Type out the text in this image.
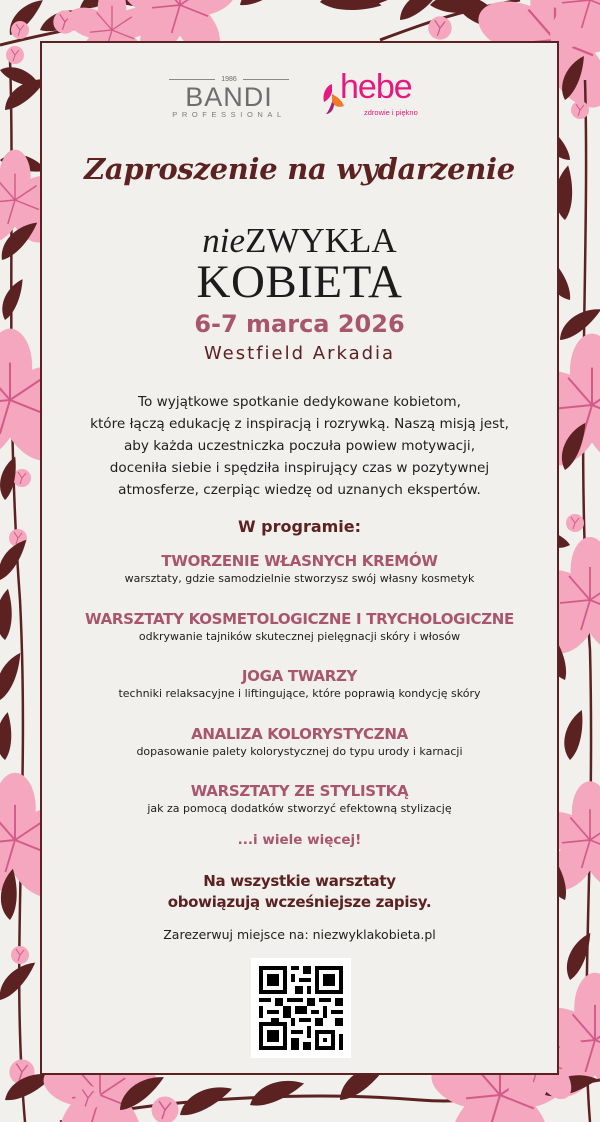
1986
BANDI
PROFESSIONAL
hebe
zdrowie i piękno
Zaproszenie na wydarzenie
nieZWYKŁA
KOBIETA
6-7 marca 2026
Westfield Arkadia
To wyjątkowe spotkanie dedykowane kobietom,
które łączą edukację z inspiracją i rozrywką. Naszą misją jest,
aby każda uczestniczka poczuła powiew motywacji,
doceniła siebie i spędziła inspirujący czas w pozytywnej
atmosferze, czerpiąc wiedzę od uznanych ekspertów.
W programie:
TWORZENIE WŁASNYCH KREMÓW
warsztaty, gdzie samodzielnie stworzysz swój własny kosmetyk
WARSZTATY KOSMETOLOGICZNE I TRYCHOLOGICZNE
odkrywanie tajników skutecznej pielęgnacji skóry i włosów
JOGA TWARZY
techniki relaksacyjne i liftingujące, które poprawią kondycję skóry
ANALIZA KOLORYSTYCZNA
dopasowanie palety kolorystycznej do typu urody i karnacji
WARSZTATY ZE STYLISTKĄ
jak za pomocą dodatków stworzyć efektowną stylizację
...i wiele więcej!
Na wszystkie warsztaty
obowiązują wcześniejsze zapisy.
Zarezerwuj miejsce na: niezwyklakobieta.pl
